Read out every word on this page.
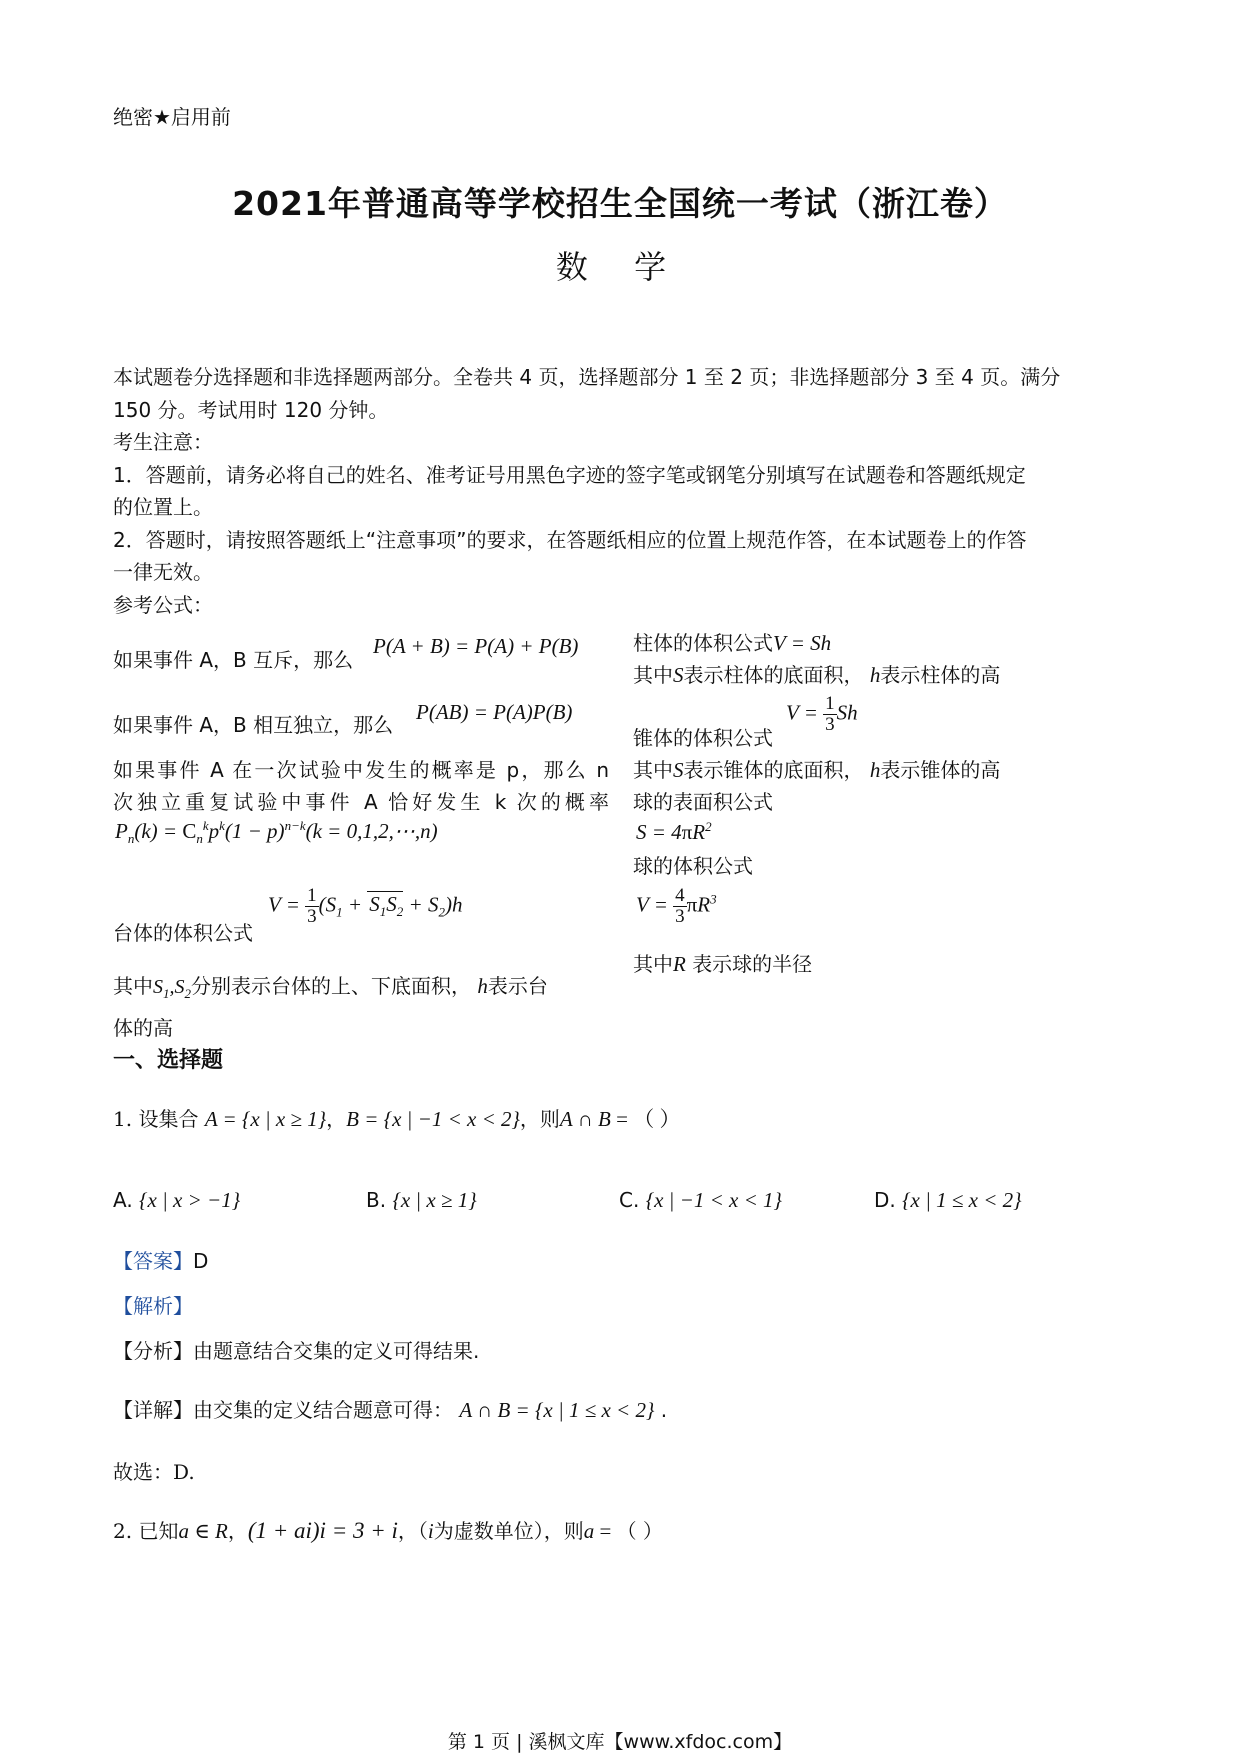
绝密★启用前
2021年普通高等学校招生全国统一考试（浙江卷）
数 学
本试题卷分选择题和非选择题两部分。全卷共 4 页，选择题部分 1 至 2 页；非选择题部分 3 至 4 页。满分
150 分。考试用时 120 分钟。
考生注意：
1．答题前，请务必将自己的姓名、准考证号用黑色字迹的签字笔或钢笔分别填写在试题卷和答题纸规定
的位置上。
2．答题时，请按照答题纸上“注意事项”的要求，在答题纸相应的位置上规范作答，在本试题卷上的作答
一律无效。
参考公式：
如果事件 A，B 互斥，那么
P(A + B) = P(A) + P(B)
如果事件 A，B 相互独立，那么
P(AB) = P(A)P(B)
如果事件 A 在一次试验中发生的概率是 p，那么 n
次独立重复试验中事件 A 恰好发生 k 次的概率
$P_n(k) = C_n^kp^k(1 - p)^{n-k}(k$ = 0,1,2,⋯,n)
台体的体积公式
$V = \frac{1}{3} (S_1 + S_1S_2 + S_2)h$
其中$S_1,S_2$分别表示台体的上、下底面积， h表示台
体的高
柱体的体积公式V = Sh
其中S表示柱体的底面积， h表示柱体的高
$V = \frac{1}{3}$ Sh
锥体的体积公式
其中S表示锥体的底面积， h表示锥体的高
球的表面积公式
$S = 4\pi R^2$
球的体积公式
$V = \frac{4}{3} \pi R^3$
其中R 表示球的半径
一、选择题
1. 设集合 A = {x | x ≥ 1}，B = {x | −1 < x < 2}，则A ∩ B = （ ）
A. {x | x > −1}	B. {x | x ≥ 1}	C. {x | −1 < x < 1}	D. {x | 1 ≤ x < 2}
【答案】D
【解析】
【分析】由题意结合交集的定义可得结果.
【详解】由交集的定义结合题意可得： A ∩ B = {x | 1 ≤ x < 2} .
故选：D.
2. 已知a ∈ R，(1 + ai)i = 3 + i，（i为虚数单位），则a = （ ）
第 1 页 | 溪枫文库【www.xfdoc.com】
